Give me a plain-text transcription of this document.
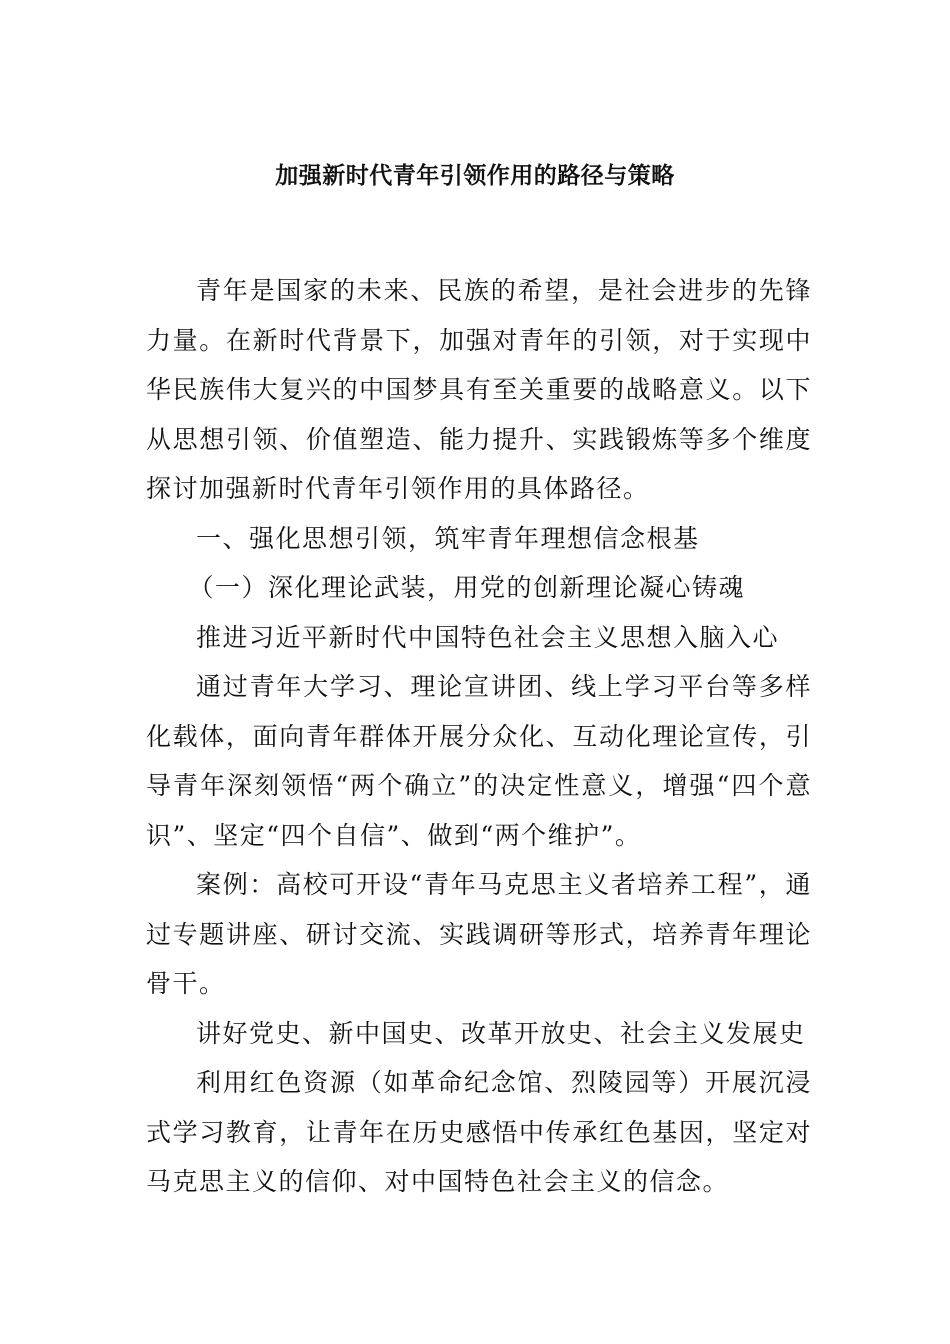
加强新时代青年引领作用的路径与策略

青年是国家的未来、民族的希望，是社会进步的先锋力量。在新时代背景下，加强对青年的引领，对于实现中华民族伟大复兴的中国梦具有至关重要的战略意义。以下从思想引领、价值塑造、能力提升、实践锻炼等多个维度探讨加强新时代青年引领作用的具体路径。

一、强化思想引领，筑牢青年理想信念根基

（一）深化理论武装，用党的创新理论凝心铸魂

推进习近平新时代中国特色社会主义思想入脑入心

通过青年大学习、理论宣讲团、线上学习平台等多样化载体，面向青年群体开展分众化、互动化理论宣传，引导青年深刻领悟“两个确立”的决定性意义，增强“四个意识”、坚定“四个自信”、做到“两个维护”。

案例：高校可开设“青年马克思主义者培养工程”，通过专题讲座、研讨交流、实践调研等形式，培养青年理论骨干。

讲好党史、新中国史、改革开放史、社会主义发展史

利用红色资源（如革命纪念馆、烈陵园等）开展沉浸式学习教育，让青年在历史感悟中传承红色基因，坚定对马克思主义的信仰、对中国特色社会主义的信念。
